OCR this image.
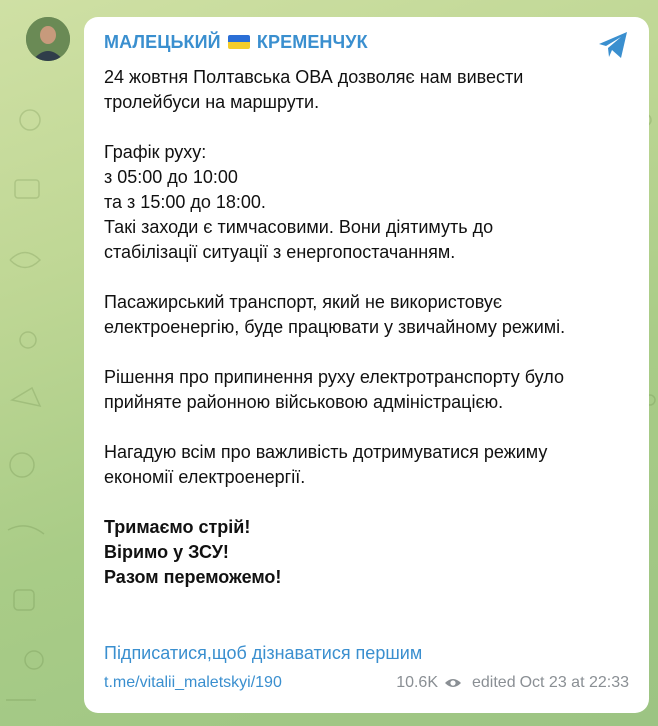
МАЛЕЦЬКИЙ КРЕМЕНЧУК

24 жовтня Полтавська ОВА дозволяє нам вивести
тролейбуси на маршрути.

Графік руху:
з 05:00 до 10:00
та з 15:00 до 18:00.
Такі заходи є тимчасовими. Вони діятимуть до
стабілізації ситуації з енергопостачанням.

Пасажирський транспорт, який не використовує
електроенергію, буде працювати у звичайному режимі.

Рішення про припинення руху електротранспорту було
прийняте районною військовою адміністрацією.

Нагадую всім про важливість дотримуватися режиму
економії електроенергії.

Тримаємо стрій!
Віримо у ЗСУ!
Разом переможемо!

Підписатися,щоб дізнаватися першим
t.me/vitalii_maletskyi/190	10.6K edited Oct 23 at 22:33
